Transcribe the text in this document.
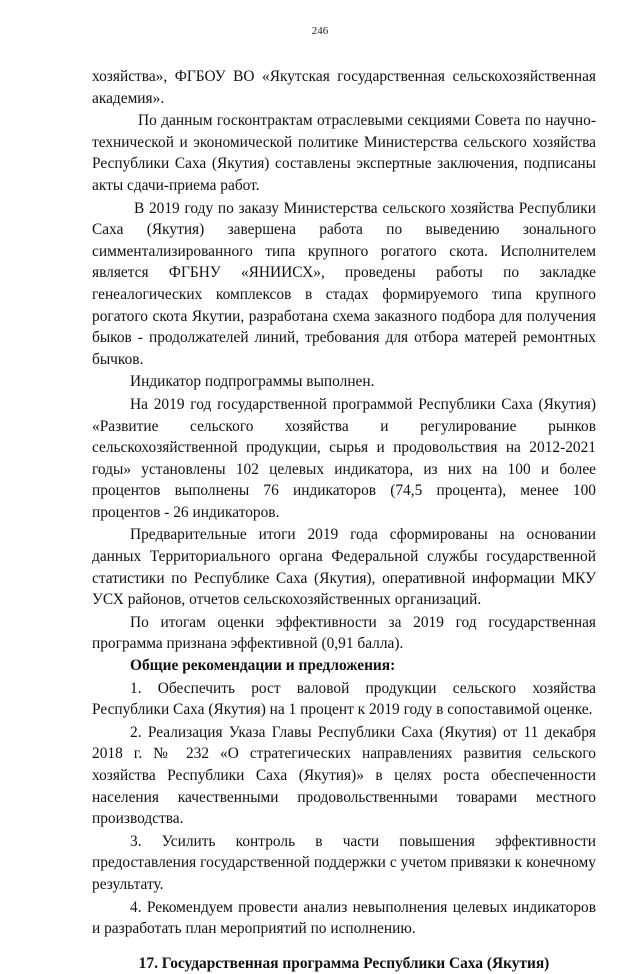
246

хозяйства», ФГБОУ ВО «Якутская государственная сельскохозяйственная академия».

По данным госконтрактам отраслевыми секциями Совета по научно-технической и экономической политике Министерства сельского хозяйства Республики Саха (Якутия) составлены экспертные заключения, подписаны акты сдачи-приема работ.

В 2019 году по заказу Министерства сельского хозяйства Республики Саха (Якутия) завершена работа по выведению зонального симментализированного типа крупного рогатого скота. Исполнителем является ФГБНУ «ЯНИИСХ», проведены работы по закладке генеалогических комплексов в стадах формируемого типа крупного рогатого скота Якутии, разработана схема заказного подбора для получения быков - продолжателей линий, требования для отбора матерей ремонтных бычков.

Индикатор подпрограммы выполнен.

На 2019 год государственной программой Республики Саха (Якутия) «Развитие сельского хозяйства и регулирование рынков сельскохозяйственной продукции, сырья и продовольствия на 2012-2021 годы» установлены 102 целевых индикатора, из них на 100 и более процентов выполнены 76 индикаторов (74,5 процента), менее 100 процентов - 26 индикаторов.

Предварительные итоги 2019 года сформированы на основании данных Территориального органа Федеральной службы государственной статистики по Республике Саха (Якутия), оперативной информации МКУ УСХ районов, отчетов сельскохозяйственных организаций.

По итогам оценки эффективности за 2019 год государственная программа признана эффективной (0,91 балла).

Общие рекомендации и предложения:

1. Обеспечить рост валовой продукции сельского хозяйства Республики Саха (Якутия) на 1 процент к 2019 году в сопоставимой оценке.

2. Реализация Указа Главы Республики Саха (Якутия) от 11 декабря 2018 г. № 232 «О стратегических направлениях развития сельского хозяйства Республики Саха (Якутия)» в целях роста обеспеченности населения качественными продовольственными товарами местного производства.

3. Усилить контроль в части повышения эффективности предоставления государственной поддержки с учетом привязки к конечному результату.

4. Рекомендуем провести анализ невыполнения целевых индикаторов и разработать план мероприятий по исполнению.

17. Государственная программа Республики Саха (Якутия)
